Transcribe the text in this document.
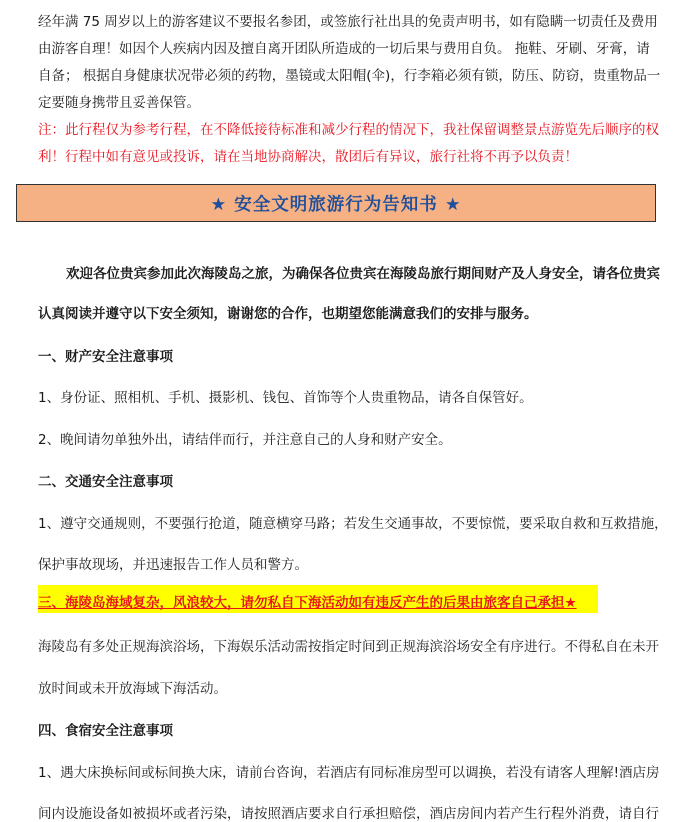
经年满 75 周岁以上的游客建议不要报名参团，或签旅行社出具的免责声明书，如有隐瞒一切责任及费用
由游客自理！如因个人疾病内因及擅自离开团队所造成的一切后果与费用自负。 拖鞋、牙刷、牙膏，请
自备； 根据自身健康状况带必须的药物，墨镜或太阳帽(伞)，行李箱必须有锁，防压、防窃，贵重物品一
定要随身携带且妥善保管。
注：此行程仅为参考行程，在不降低接待标准和减少行程的情况下，我社保留调整景点游览先后顺序的权
利！行程中如有意见或投诉，请在当地协商解决，散团后有异议，旅行社将不再予以负责！
★ 安全文明旅游行为告知书 ★
欢迎各位贵宾参加此次海陵岛之旅，为确保各位贵宾在海陵岛旅行期间财产及人身安全，请各位贵宾
认真阅读并遵守以下安全须知，谢谢您的合作，也期望您能满意我们的安排与服务。
一、财产安全注意事项
1、身份证、照相机、手机、摄影机、钱包、首饰等个人贵重物品，请各自保管好。
2、晚间请勿单独外出，请结伴而行，并注意自己的人身和财产安全。
二、交通安全注意事项
1、遵守交通规则，不要强行抢道，随意横穿马路；若发生交通事故，不要惊慌，要采取自救和互救措施，
保护事故现场，并迅速报告工作人员和警方。
三、海陵岛海域复杂，风浪较大，请勿私自下海活动如有违反产生的后果由旅客自己承担★
海陵岛有多处正规海滨浴场，下海娱乐活动需按指定时间到正规海滨浴场安全有序进行。不得私自在未开
放时间或未开放海域下海活动。
四、食宿安全注意事项
1、遇大床换标间或标间换大床，请前台咨询，若酒店有同标准房型可以调换，若没有请客人理解!酒店房
间内设施设备如被损坏或者污染，请按照酒店要求自行承担赔偿，酒店房间内若产生行程外消费，请自行
